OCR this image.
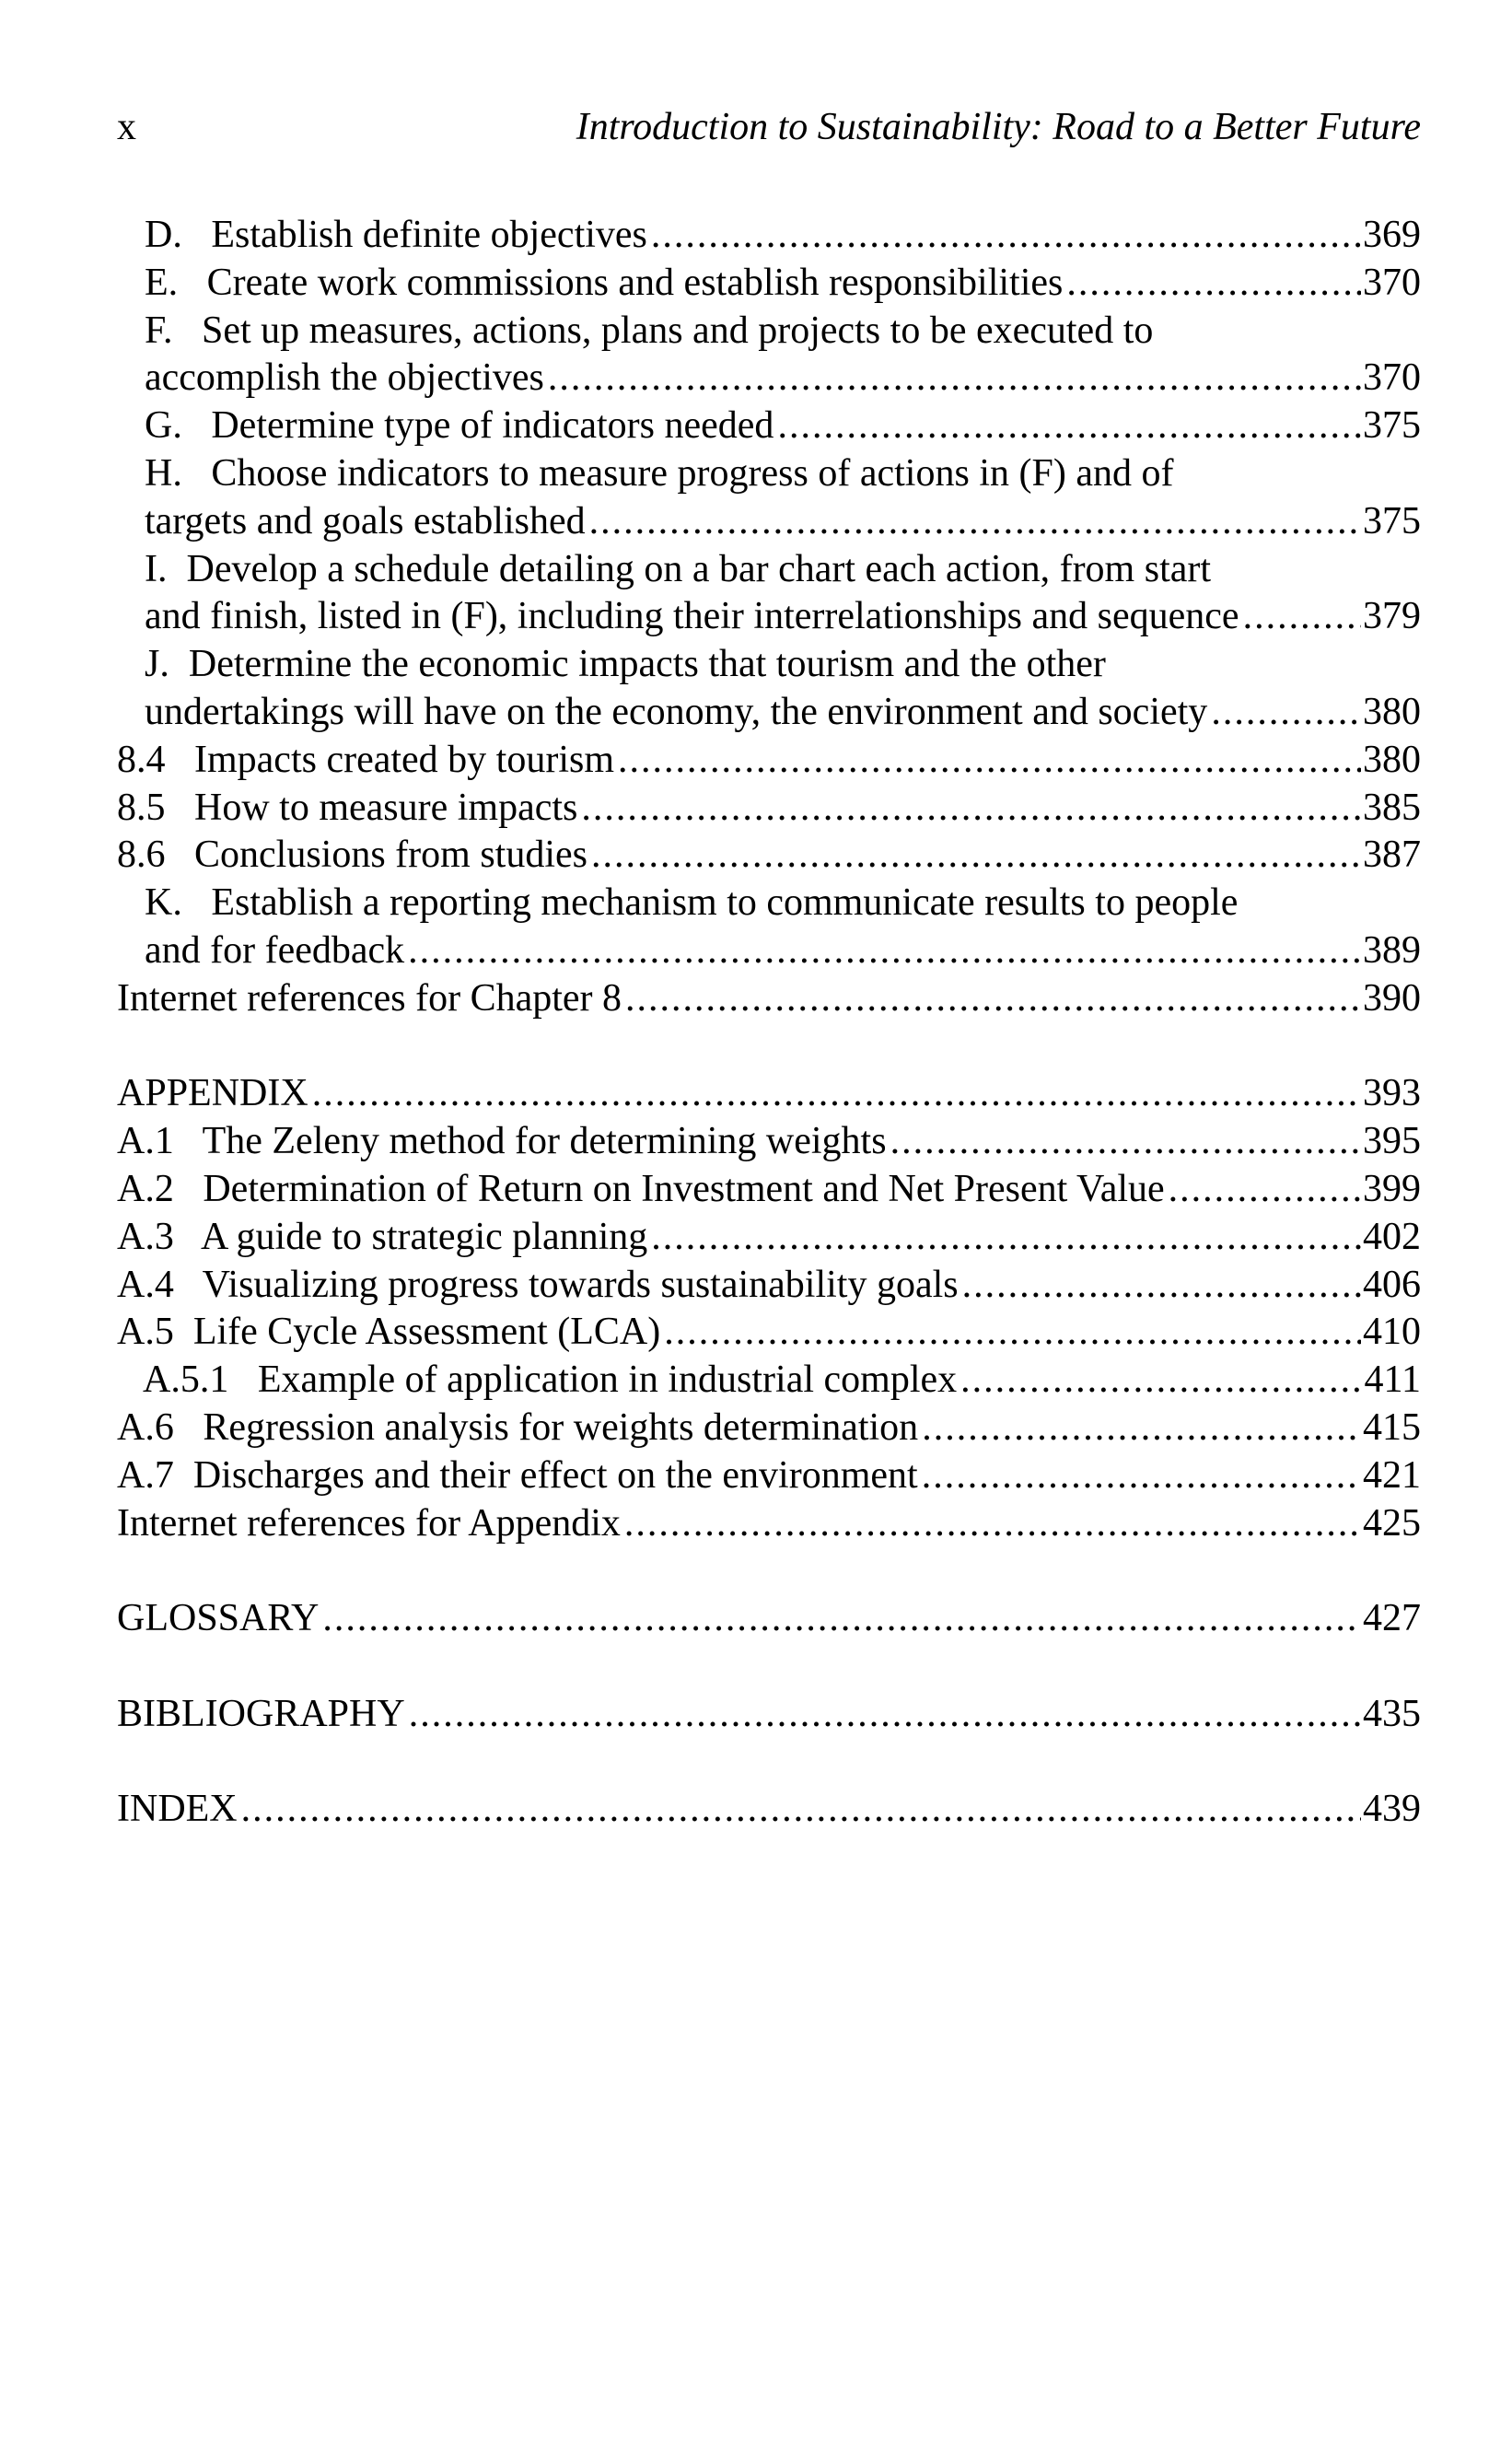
x	Introduction to Sustainability: Road to a Better Future
D. Establish definite objectives .....	369
E. Create work commissions and establish responsibilities .....	370
F. Set up measures, actions, plans and projects to be executed to
accomplish the objectives .....	370
G. Determine type of indicators needed .....	375
H. Choose indicators to measure progress of actions in (F) and of
targets and goals established .....	375
I. Develop a schedule detailing on a bar chart each action, from start
and finish, listed in (F), including their interrelationships and sequence .....	379
J. Determine the economic impacts that tourism and the other
undertakings will have on the economy, the environment and society .....	380
8.4 Impacts created by tourism .....	380
8.5 How to measure impacts .....	385
8.6 Conclusions from studies .....	387
K. Establish a reporting mechanism to communicate results to people
and for feedback .....	389
Internet references for Chapter 8 .....	390
APPENDIX .....	393
A.1 The Zeleny method for determining weights .....	395
A.2 Determination of Return on Investment and Net Present Value .....	399
A.3 A guide to strategic planning .....	402
A.4 Visualizing progress towards sustainability goals .....	406
A.5 Life Cycle Assessment (LCA) .....	410
A.5.1 Example of application in industrial complex .....	411
A.6 Regression analysis for weights determination .....	415
A.7 Discharges and their effect on the environment .....	421
Internet references for Appendix .....	425
GLOSSARY .....	427
BIBLIOGRAPHY .....	435
INDEX .....	439
